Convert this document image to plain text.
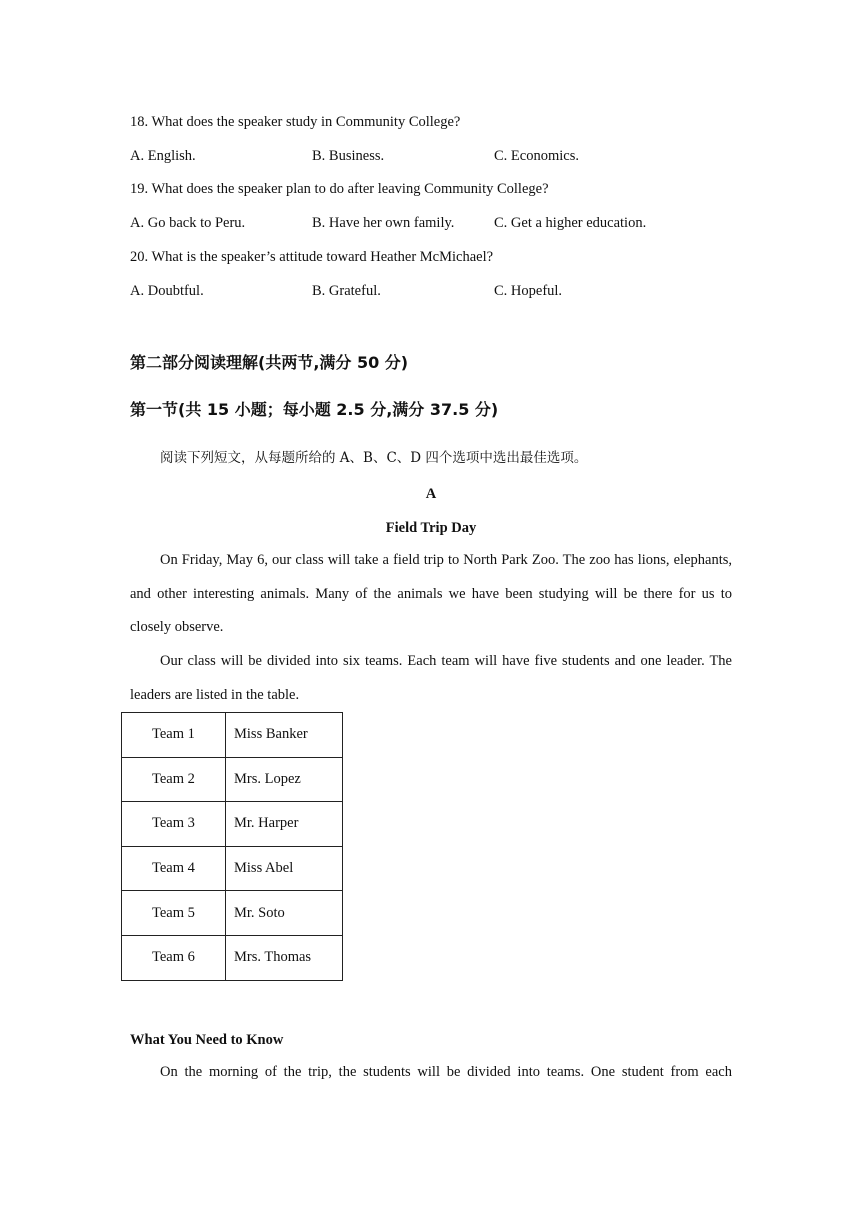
18. What does the speaker study in Community College?
A. English.	B. Business.	C. Economics.
19. What does the speaker plan to do after leaving Community College?
A. Go back to Peru.	B. Have her own family.	C. Get a higher education.
20. What is the speaker’s attitude toward Heather McMichael?
A. Doubtful.	B. Grateful.	C. Hopeful.
第二部分阅读理解(共两节,满分 50 分)
第一节(共 15 小题；每小题 2.5 分,满分 37.5 分)
阅读下列短文，从每题所给的 A、B、C、D 四个选项中选出最佳选项。
A
Field Trip Day

On Friday, May 6, our class will take a field trip to North Park Zoo. The zoo has lions, elephants, and other interesting animals. Many of the animals we have been studying will be there for us to closely observe.

Our class will be divided into six teams. Each team will have five students and one leader. The leaders are listed in the table.

Team 1	Miss Banker
Team 2	Mrs. Lopez
Team 3	Mr. Harper
Team 4	Miss Abel
Team 5	Mr. Soto
Team 6	Mrs. Thomas
What You Need to Know

On the morning of the trip, the students will be divided into teams. One student from each
